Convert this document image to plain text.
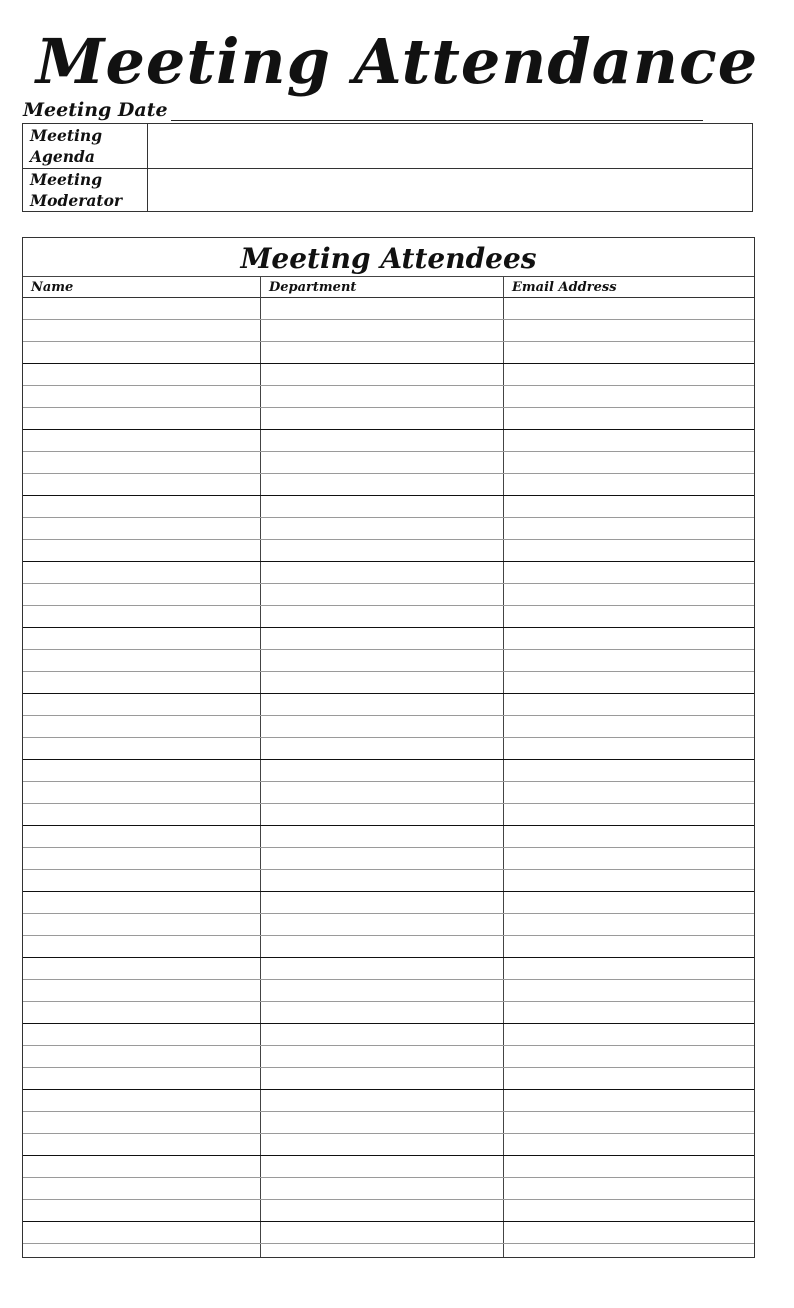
Meeting Attendance
Meeting Date
Meeting
Agenda
Meeting
Moderator
Meeting Attendees
Name	Department	Email Address
